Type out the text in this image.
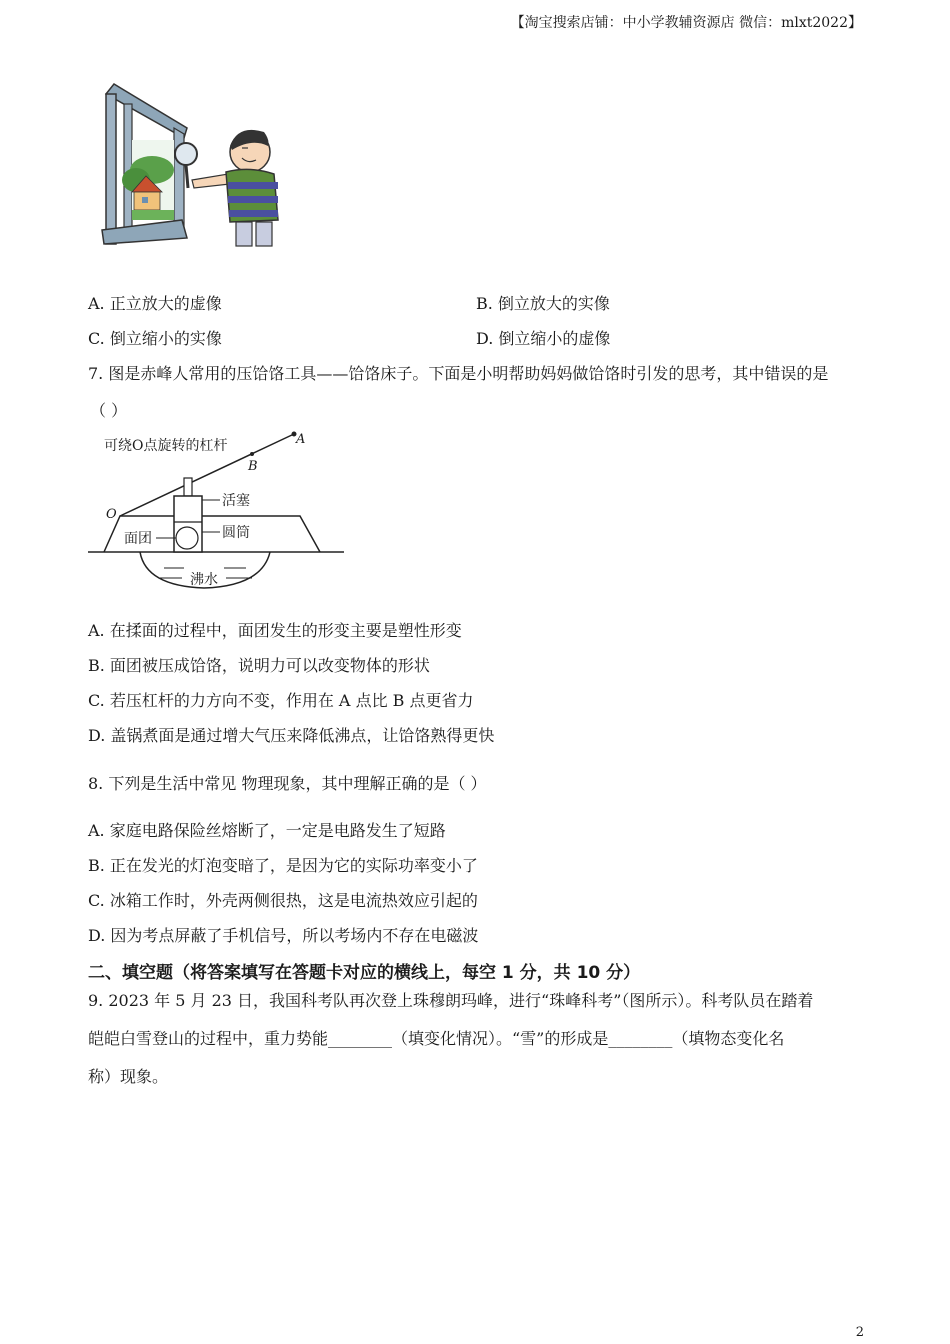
【淘宝搜索店铺：中小学教辅资源店 微信：mlxt2022】
A. 正立放大的虚像	B. 倒立放大的实像
C. 倒立缩小的实像	D. 倒立缩小的虚像
7. 图是赤峰人常用的压饸饹工具——饸饹床子。下面是小明帮助妈妈做饸饹时引发的思考，其中错误的是
（ ）
可绕O点旋转的杠杆	A
B
O
活塞
圆筒
面团
沸水
A. 在揉面的过程中，面团发生的形变主要是塑性形变
B. 面团被压成饸饹，说明力可以改变物体的形状
C. 若压杠杆的力方向不变，作用在 A 点比 B 点更省力
D. 盖锅煮面是通过增大气压来降低沸点，让饸饹熟得更快
8. 下列是生活中常见 物理现象，其中理解正确的是（ ）
A. 家庭电路保险丝熔断了，一定是电路发生了短路
B. 正在发光的灯泡变暗了，是因为它的实际功率变小了
C. 冰箱工作时，外壳两侧很热，这是电流热效应引起的
D. 因为考点屏蔽了手机信号，所以考场内不存在电磁波
二、填空题（将答案填写在答题卡对应的横线上，每空 1 分，共 10 分）
9. 2023 年 5 月 23 日，我国科考队再次登上珠穆朗玛峰，进行“珠峰科考”（图所示）。科考队员在踏着
皑皑白雪登山的过程中，重力势能________（填变化情况）。“雪”的形成是________（填物态变化名
称）现象。
2
